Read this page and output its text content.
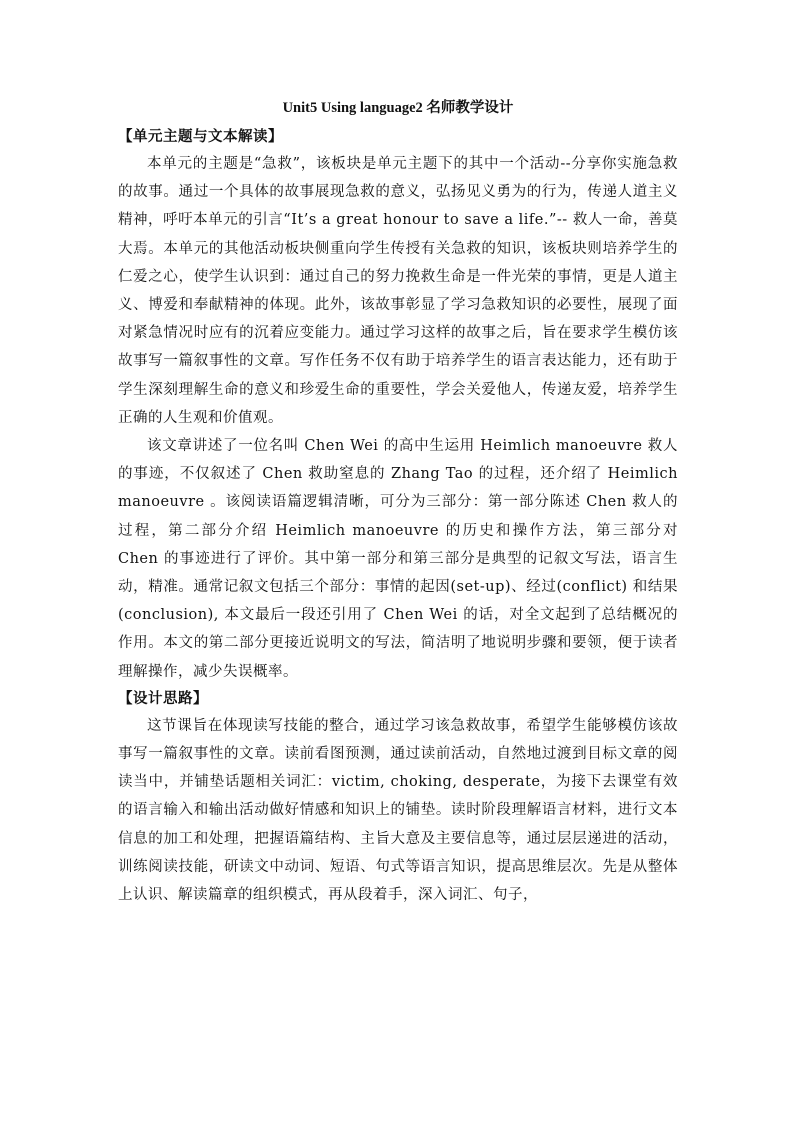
Unit5 Using language2 名师教学设计
【单元主题与文本解读】

本单元的主题是“急救”，该板块是单元主题下的其中一个活动--分享你实施急救的故事。通过一个具体的故事展现急救的意义，弘扬见义勇为的行为，传递人道主义精神，呼吁本单元的引言“It’s a great honour to save a life.”-- 救人一命，善莫大焉。本单元的其他活动板块侧重向学生传授有关急救的知识，该板块则培养学生的仁爱之心，使学生认识到：通过自己的努力挽救生命是一件光荣的事情，更是人道主义、博爱和奉献精神的体现。此外，该故事彰显了学习急救知识的必要性，展现了面对紧急情况时应有的沉着应变能力。通过学习这样的故事之后，旨在要求学生模仿该故事写一篇叙事性的文章。写作任务不仅有助于培养学生的语言表达能力，还有助于学生深刻理解生命的意义和珍爱生命的重要性，学会关爱他人，传递友爱，培养学生正确的人生观和价值观。

该文章讲述了一位名叫 Chen Wei 的高中生运用 Heimlich manoeuvre 救人的事迹，不仅叙述了 Chen 救助窒息的 Zhang Tao 的过程，还介绍了 Heimlich manoeuvre 。该阅读语篇逻辑清晰，可分为三部分：第一部分陈述 Chen 救人的过程，第二部分介绍 Heimlich manoeuvre 的历史和操作方法，第三部分对 Chen 的事迹进行了评价。其中第一部分和第三部分是典型的记叙文写法，语言生动，精准。通常记叙文包括三个部分：事情的起因(set-up)、经过(conflict) 和结果(conclusion), 本文最后一段还引用了 Chen Wei 的话，对全文起到了总结概况的作用。本文的第二部分更接近说明文的写法，简洁明了地说明步骤和要领，便于读者理解操作，减少失误概率。

【设计思路】

这节课旨在体现读写技能的整合，通过学习该急救故事，希望学生能够模仿该故事写一篇叙事性的文章。读前看图预测，通过读前活动，自然地过渡到目标文章的阅读当中，并铺垫话题相关词汇：victim, choking, desperate，为接下去课堂有效的语言输入和输出活动做好情感和知识上的铺垫。读时阶段理解语言材料，进行文本信息的加工和处理，把握语篇结构、主旨大意及主要信息等，通过层层递进的活动，训练阅读技能，研读文中动词、短语、句式等语言知识，提高思维层次。先是从整体上认识、解读篇章的组织模式，再从段着手，深入词汇、句子，
